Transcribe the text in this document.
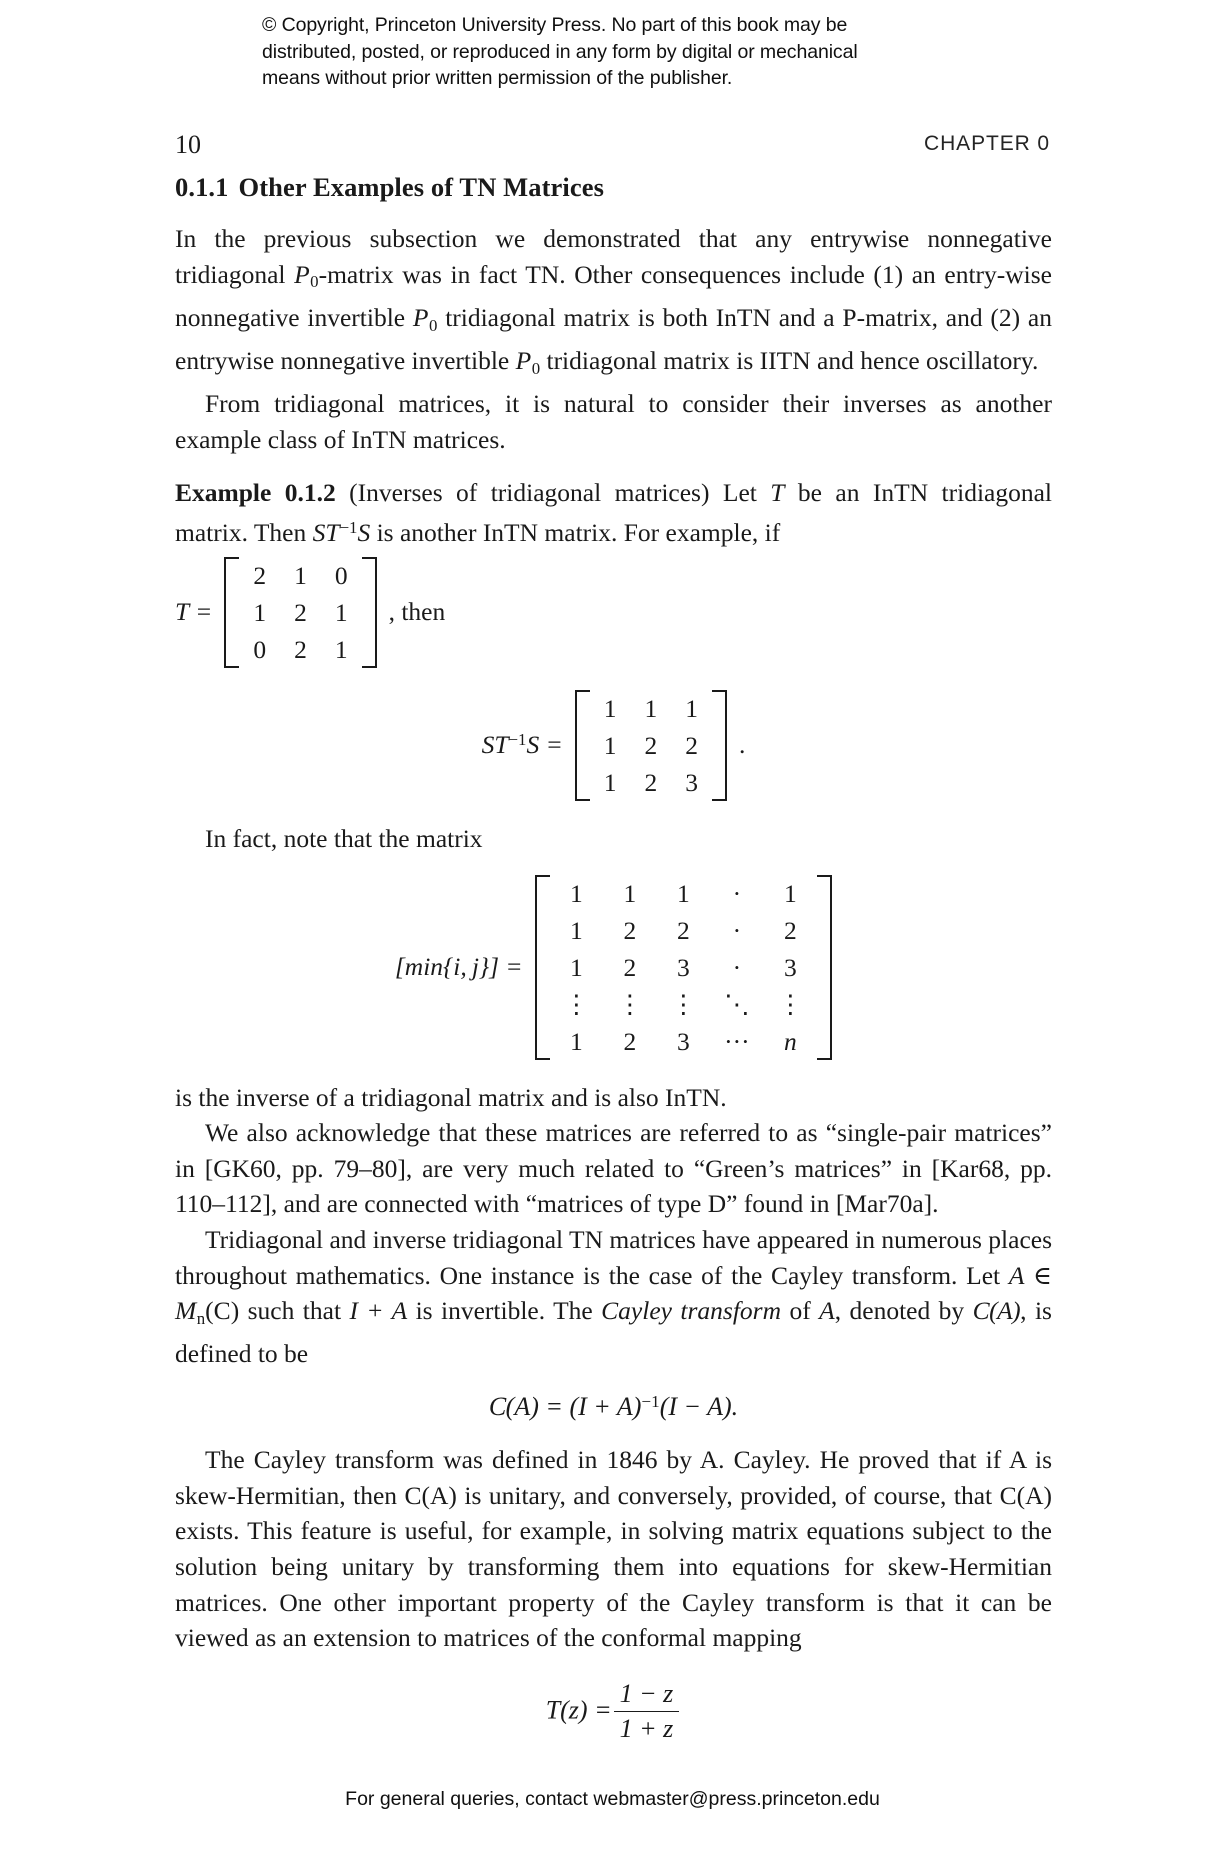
© Copyright, Princeton University Press. No part of this book may be
distributed, posted, or reproduced in any form by digital or mechanical
means without prior written permission of the publisher.
10	CHAPTER 0
0.1.1 Other Examples of TN Matrices

In the previous subsection we demonstrated that any entrywise nonnegative tridiagonal $P_0$-matrix was in fact TN. Other consequences include (1) an entry-wise nonnegative invertible $P_0$ tridiagonal matrix is both InTN and a P-matrix, and (2) an entrywise nonnegative invertible $P_0$ tridiagonal matrix is IITN and hence oscillatory.

From tridiagonal matrices, it is natural to consider their inverses as another example class of InTN matrices.

Example 0.1.2 (Inverses of tridiagonal matrices) Let T be an InTN tridiagonal matrix. Then $ST^{-1}S$ is another InTN matrix. For example, if

T =
2	1	0
1	2	1
0	2	1
, then
$ST^{-1}S$ =
1	1	1
1	2	2
1	2	3
.

In fact, note that the matrix

[min{i, j}] =
1	1	1	·	1
1	2	2	·	2
1	2	3	·	3
⋮	⋮	⋮	⋱	⋮
1	2	3	···	n

is the inverse of a tridiagonal matrix and is also InTN.

We also acknowledge that these matrices are referred to as “single-pair matrices” in [GK60, pp. 79–80], are very much related to “Green’s matrices” in [Kar68, pp. 110–112], and are connected with “matrices of type D” found in [Mar70a].

Tridiagonal and inverse tridiagonal TN matrices have appeared in numerous places throughout mathematics. One instance is the case of the Cayley transform. Let A ∈ $M_n(C)$ such that I + A is invertible. The Cayley transform of A, denoted by C(A), is defined to be

$C(A) = (I + A)^{-1}(I - A)$.

The Cayley transform was defined in 1846 by A. Cayley. He proved that if A is skew-Hermitian, then C(A) is unitary, and conversely, provided, of course, that C(A) exists. This feature is useful, for example, in solving matrix equations subject to the solution being unitary by transforming them into equations for skew-Hermitian matrices. One other important property of the Cayley transform is that it can be viewed as an extension to matrices of the conformal mapping

$T(z) = \frac{1 - z}{1 + z}$
For general queries, contact webmaster@press.princeton.edu
